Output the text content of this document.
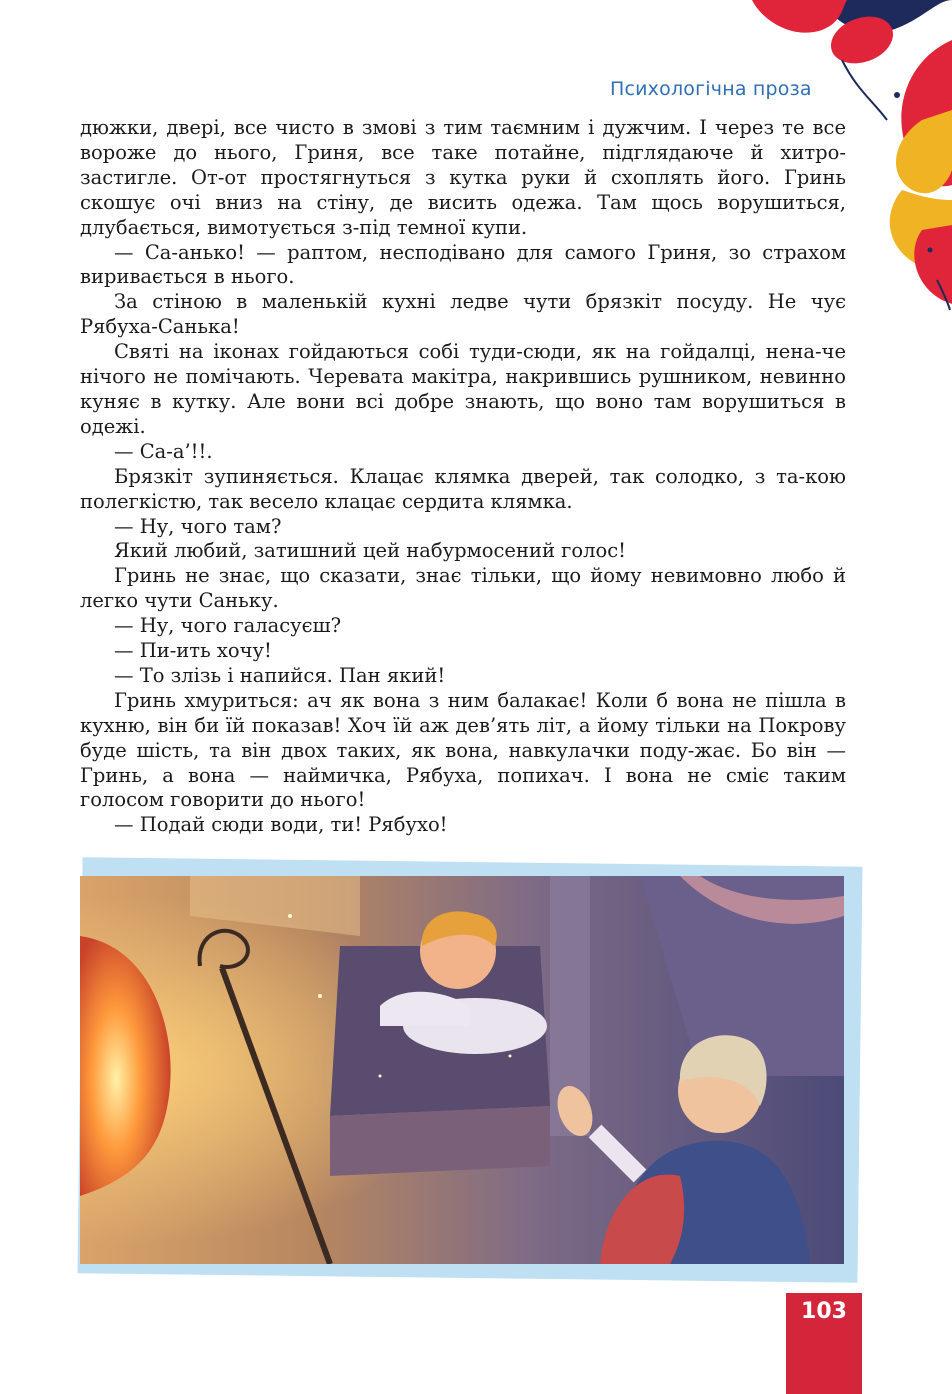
Психологічна проза

дюжки, двері, все чисто в змові з тим таємним і дужчим. І через те все вороже до нього, Гриня, все таке потайне, підглядаюче й хитро-застигле. От-от простягнуться з кутка руки й схоплять його. Гринь скошує очі вниз на стіну, де висить одежа. Там щось ворушиться, длубається, вимотується з-під темної купи.

— Са-анько! — раптом, несподівано для самого Гриня, зо страхом виривається в нього.

За стіною в маленькій кухні ледве чути брязкіт посуду. Не чує Рябуха-Санька!

Святі на іконах гойдаються собі туди-сюди, як на гойдалці, нена-че нічого не помічають. Черевата макітра, накрившись рушником, невинно куняє в кутку. Але вони всі добре знають, що воно там ворушиться в одежі.

— Са-а’!!.

Брязкіт зупиняється. Клацає клямка дверей, так солодко, з та-кою полегкістю, так весело клацає сердита клямка.

— Ну, чого там?

Який любий, затишний цей набурмосений голос!

Гринь не знає, що сказати, знає тільки, що йому невимовно любо й легко чути Саньку.

— Ну, чого галасуєш?

— Пи-ить хочу!

— То злізь і напийся. Пан який!

Гринь хмуриться: ач як вона з ним балакає! Коли б вона не пішла в кухню, він би їй показав! Хоч їй аж дев’ять літ, а йому тільки на Покрову буде шість, та він двох таких, як вона, навкулачки поду-жає. Бо він — Гринь, а вона — наймичка, Рябуха, попихач. І вона не сміє таким голосом говорити до нього!

— Подай сюди води, ти! Рябухо!

103
